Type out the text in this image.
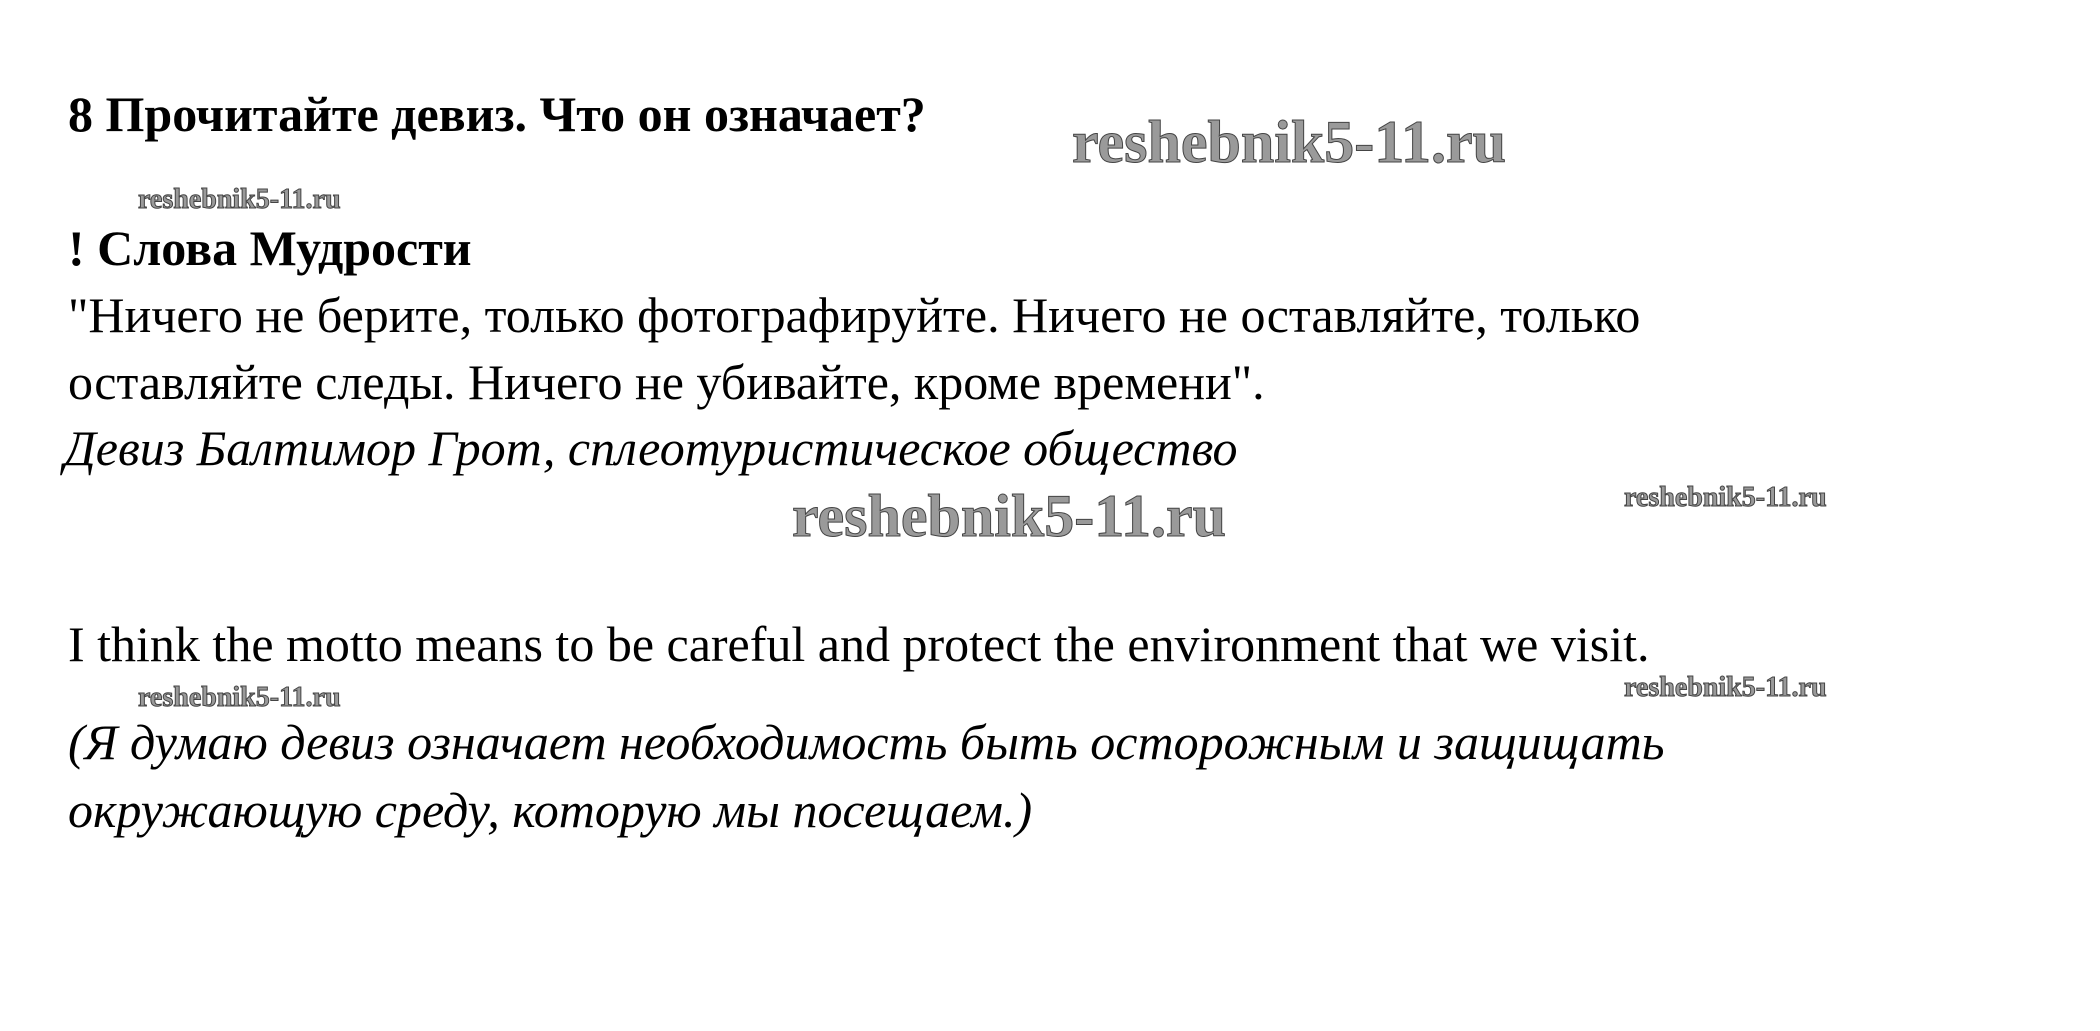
8 Прочитайте девиз. Что он означает? reshebnik5-11.ru
reshebnik5-11.ru
! Слова Мудрости
"Ничего не берите, только фотографируйте. Ничего не оставляйте, только
оставляйте следы. Ничего не убивайте, кроме времени".
Девиз Балтимор Грот, сплеотуристическое общество
reshebnik5-11.ru	reshebnik5-11.ru
I think the motto means to be careful and protect the environment that we visit.
reshebnik5-11.ru
reshebnik5-11.ru
(Я думаю девиз означает необходимость быть осторожным и защищать
окружающую среду, которую мы посещаем.)
